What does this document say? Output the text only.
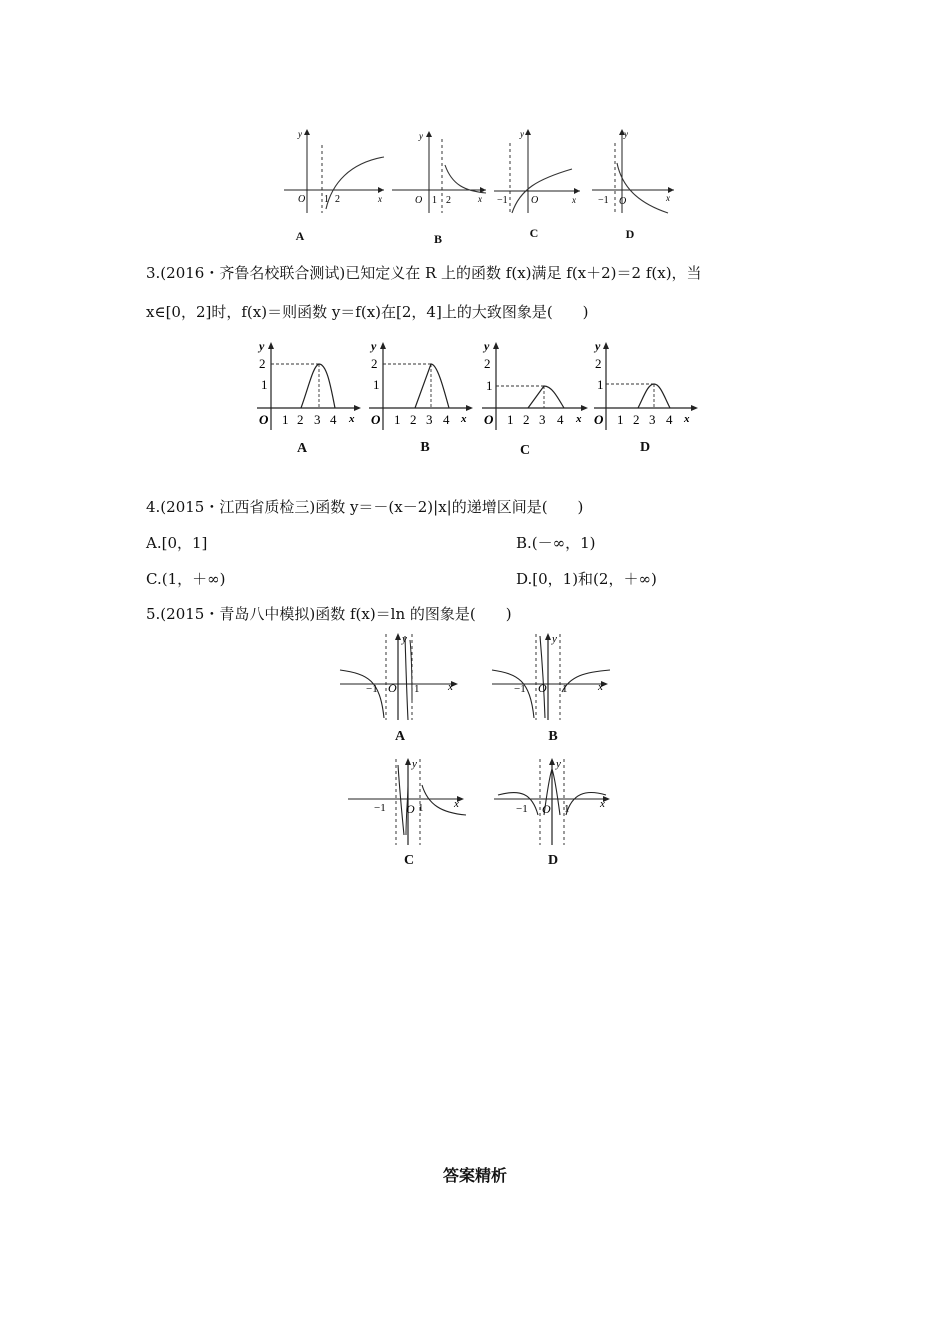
O 1 2	x
y
A
O 1 2	x
y
B
−1 O	x
y
C
−1 O	x
y
D
3.(2016・齐鲁名校联合测试)已知定义在 R 上的函数 f(x)满足 f(x＋2)＝2 f(x)，当
x∈[0，2]时，f(x)＝则函数 y＝f(x)在[2，4]上的大致图象是(　　)
y
2
1
O 1 2 3 4 x
A
y
2
1
O 1 2 3 4 x
B
y
2
1
O 1 2 3 4 x
C
y
2
1
O 1 2 3 4 x
D
4.(2015・江西省质检三)函数 y＝－(x－2)|x|的递增区间是(　　)
A.[0，1]	B.(－∞，1)
C.(1，＋∞)	D.[0，1)和(2，＋∞)
5.(2015・青岛八中模拟)函数 f(x)＝ln 的图象是(　　)
−1 O 1	x
y
A
−1 O 1	x
y
B
−1 O 1	x
y
C
−1 O 1	x
y
D
答案精析
